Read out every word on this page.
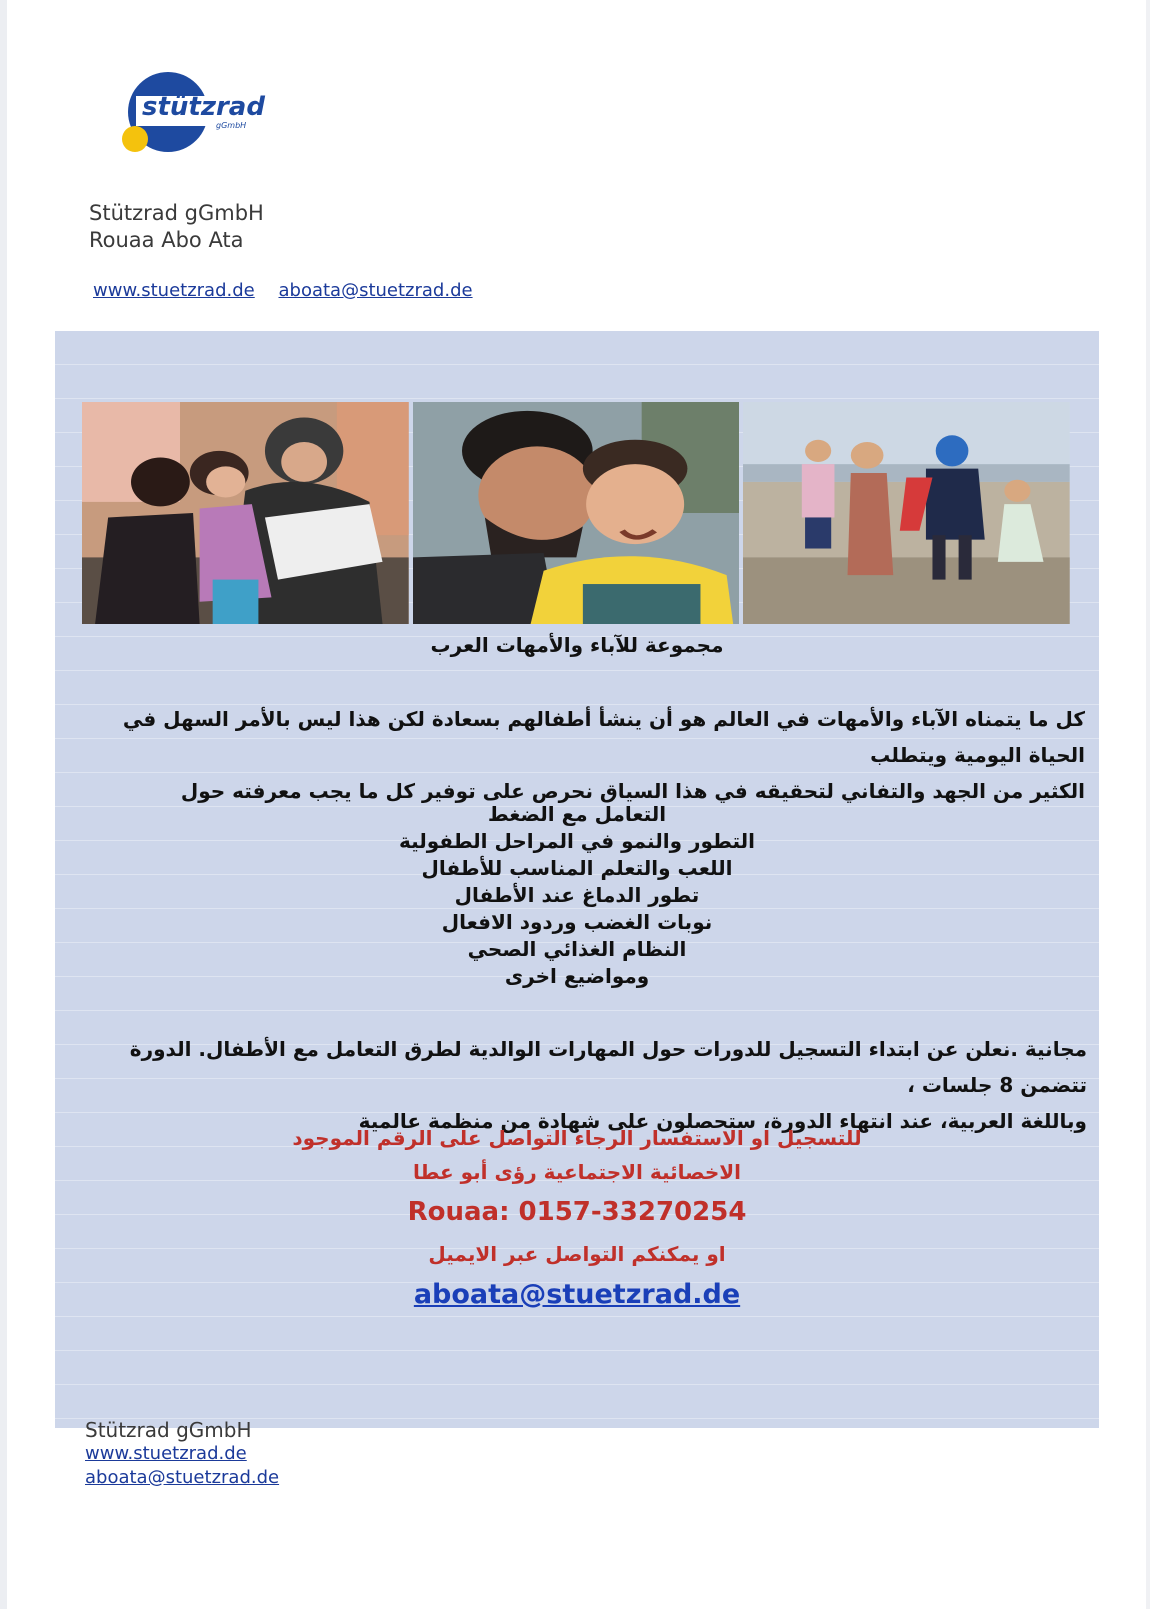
stützrad
gGmbH
Stützrad gGmbH
Rouaa Abo Ata
www.stuetzrad.de aboata@stuetzrad.de
مجموعة للآباء والأمهات العرب
كل ما يتمناه الآباء والأمهات في العالم هو أن ينشأ أطفالهم بسعادة لكن هذا ليس بالأمر السهل في الحياة اليومية ويتطلب
الكثير من الجهد والتفاني لتحقيقه في هذا السياق نحرص على توفير كل ما يجب معرفته حول
التعامل مع الضغط
التطور والنمو في المراحل الطفولية
اللعب والتعلم المناسب للأطفال
تطور الدماغ عند الأطفال
نوبات الغضب وردود الافعال
النظام الغذائي الصحي
ومواضيع اخرى
مجانية .نعلن عن ابتداء التسجيل للدورات حول المهارات الوالدية لطرق التعامل مع الأطفال. الدورة تتضمن 8 جلسات ،
وباللغة العربية، عند انتهاء الدورة، ستحصلون على شهادة من منظمة عالمية
للتسجيل او الاستفسار الرجاء التواصل على الرقم الموجود
الاخصائية الاجتماعية رؤى أبو عطا
Rouaa: 0157-33270254
او يمكنكم التواصل عبر الايميل
aboata@stuetzrad.de
Stützrad gGmbH
www.stuetzrad.de
aboata@stuetzrad.de
